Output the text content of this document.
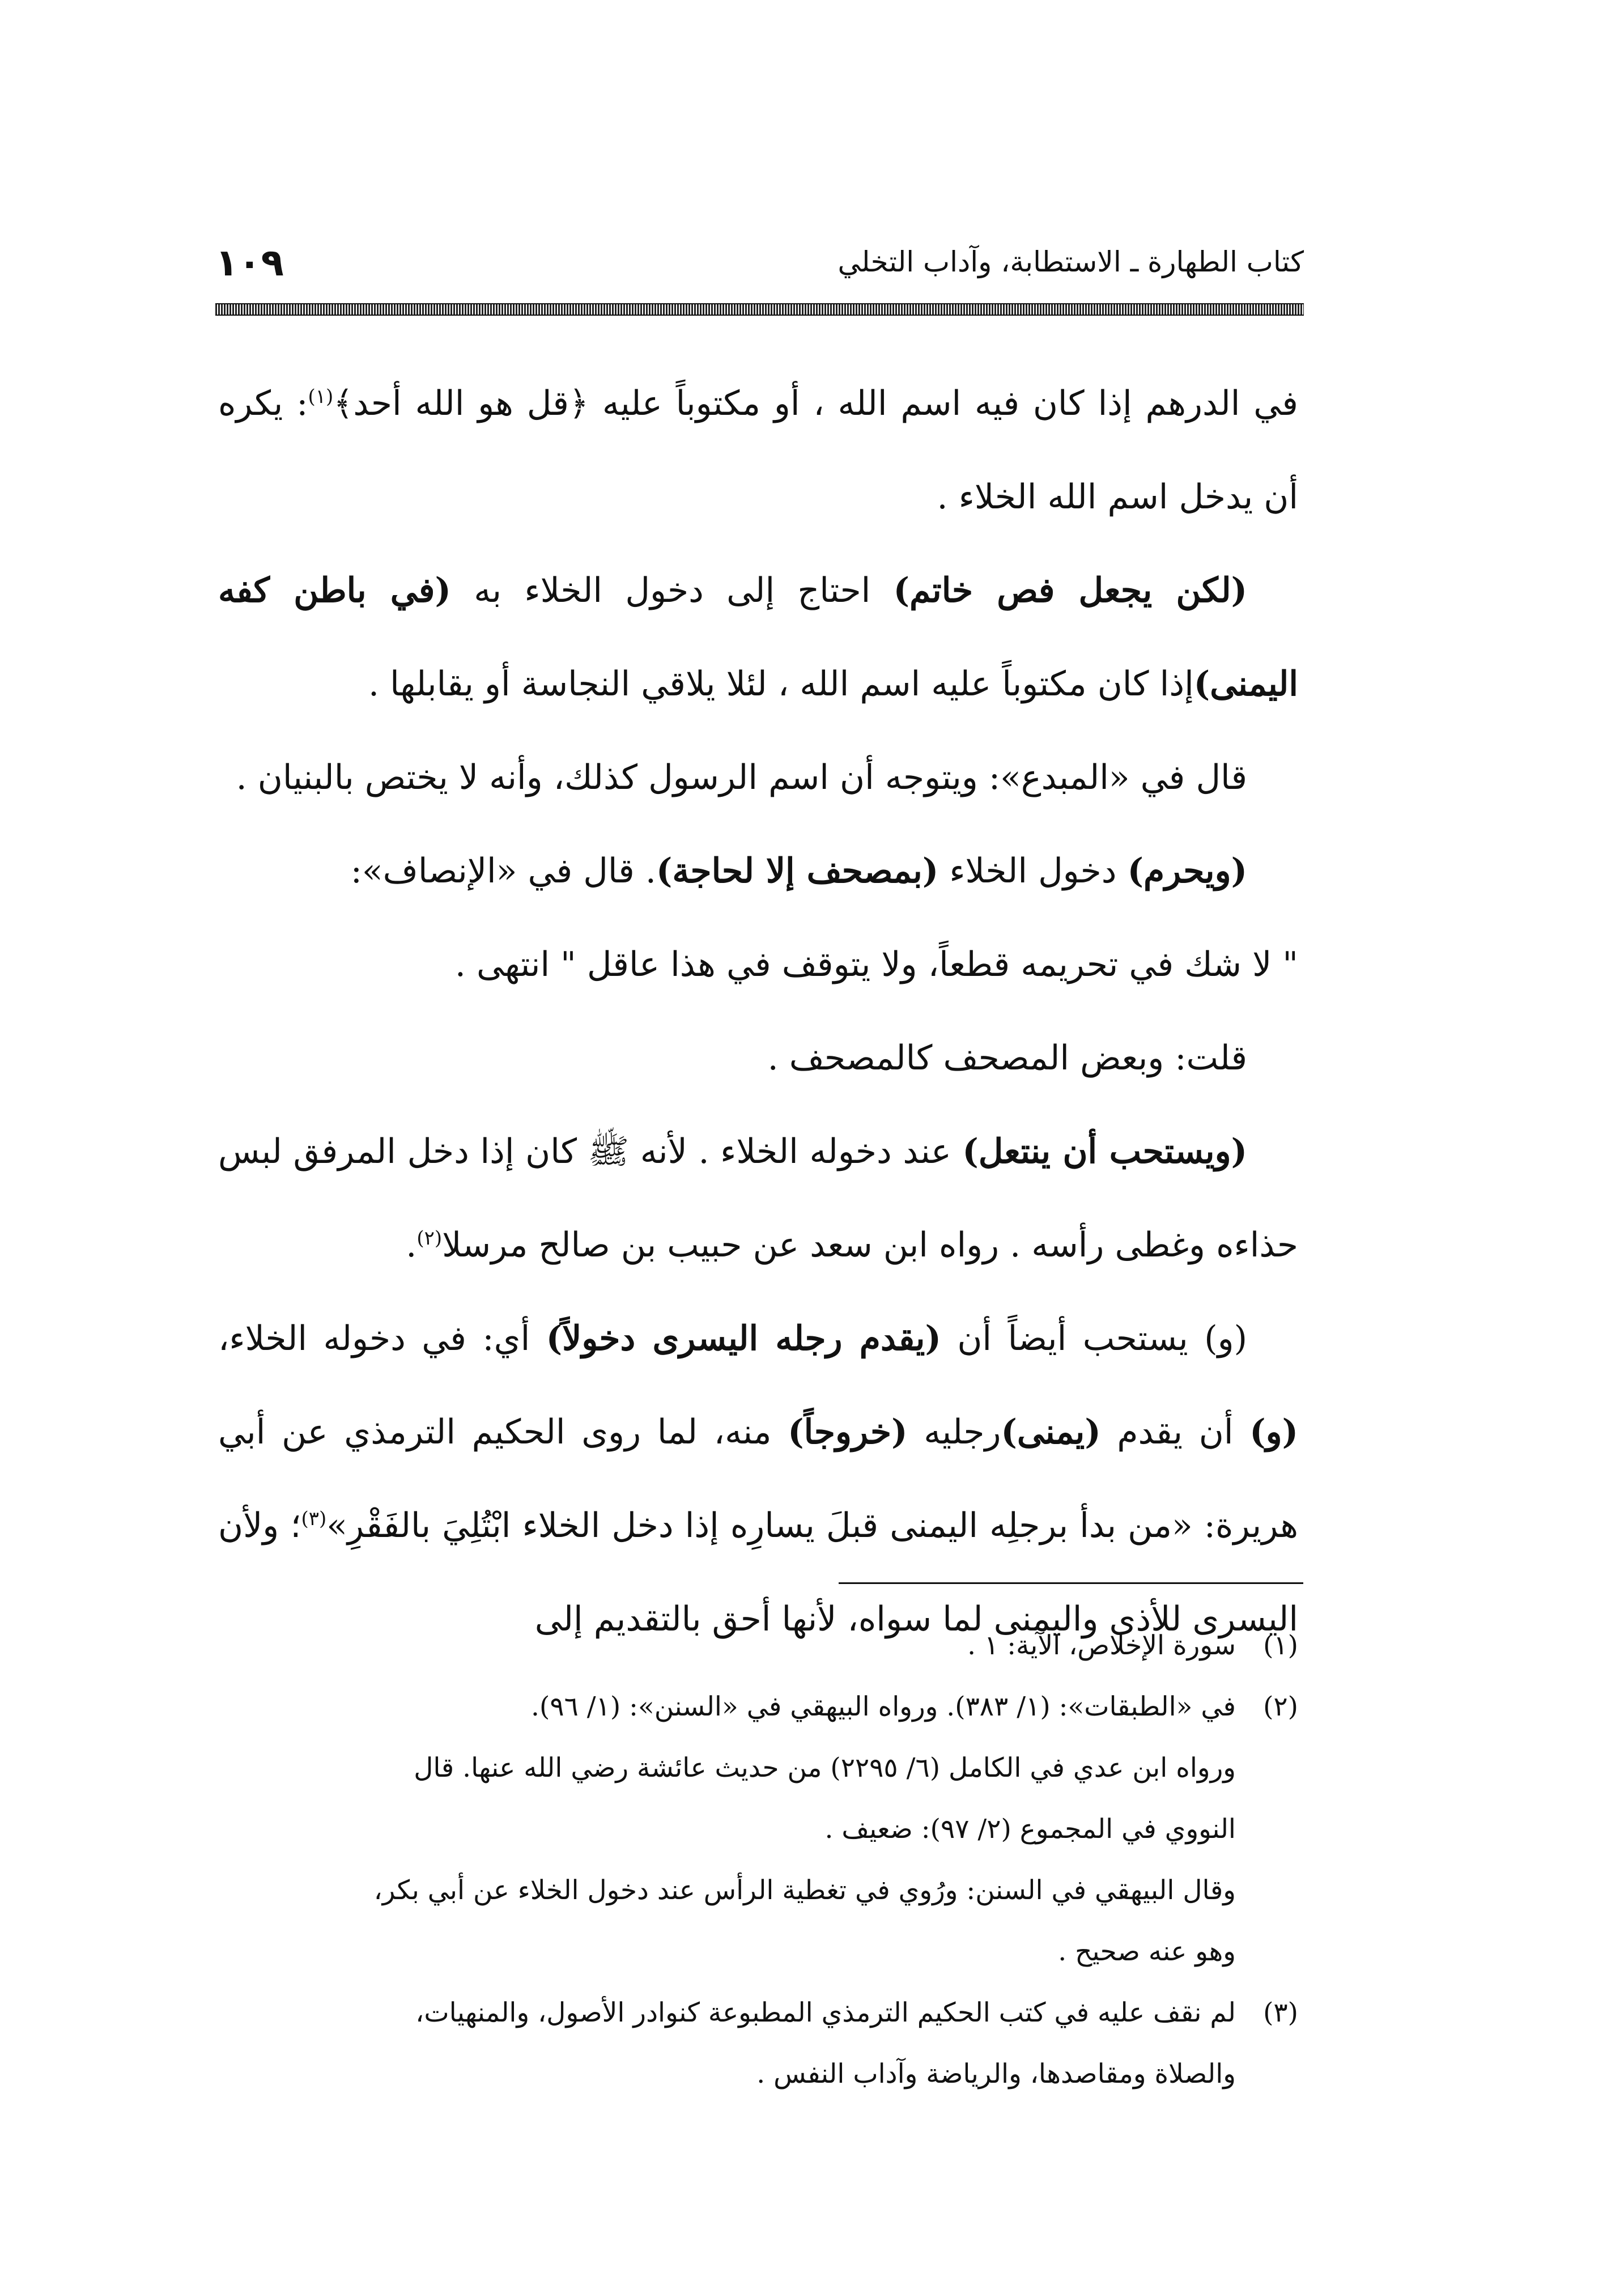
كتاب الطهارة ـ الاستطابة، وآداب التخلي
١٠٩

في الدرهم إذا كان فيه اسم الله ، أو مكتوباً عليه ﴿قل هو الله أحد﴾$^{(١)}$: يكره أن يدخل اسم الله الخلاء .

(لكن يجعل فص خاتم) احتاج إلى دخول الخلاء به (في باطن كفه اليمنى)إذا كان مكتوباً عليه اسم الله ، لئلا يلاقي النجاسة أو يقابلها .

قال في «المبدع»: ويتوجه أن اسم الرسول كذلك، وأنه لا يختص بالبنيان .

(ويحرم) دخول الخلاء (بمصحف إلا لحاجة). قال في «الإنصاف»:

" لا شك في تحريمه قطعاً، ولا يتوقف في هذا عاقل " انتهى .

قلت: وبعض المصحف كالمصحف .

(ويستحب أن ينتعل) عند دخوله الخلاء . لأنه ﷺ كان إذا دخل المرفق لبس حذاءه وغطى رأسه . رواه ابن سعد عن حبيب بن صالح مرسلا$^{(٢)}$.

(و) يستحب أيضاً أن (يقدم رجله اليسرى دخولاً) أي: في دخوله الخلاء، (و) أن يقدم (يمنى)رجليه (خروجاً) منه، لما روى الحكيم الترمذي عن أبي هريرة: «من بدأ برجلِه اليمنى قبلَ يسارِه إذا دخل الخلاء ابْتُلِيَ بالفَقْرِ»$^{(٣)}$؛ ولأن اليسرى للأذى واليمنى لما سواه، لأنها أحق بالتقديم إلى

(١)
سورة الإخلاص، الآية: ١ .
(٢)
في «الطبقات»: (١/ ٣٨٣). ورواه البيهقي في «السنن»: (١/ ٩٦).
ورواه ابن عدي في الكامل (٦/ ٢٢٩٥) من حديث عائشة رضي الله عنها. قال
النووي في المجموع (٢/ ٩٧): ضعيف .
وقال البيهقي في السنن: ورُوي في تغطية الرأس عند دخول الخلاء عن أبي بكر،
وهو عنه صحيح .
(٣)
لم نقف عليه في كتب الحكيم الترمذي المطبوعة كنوادر الأصول، والمنهيات،
والصلاة ومقاصدها، والرياضة وآداب النفس .
